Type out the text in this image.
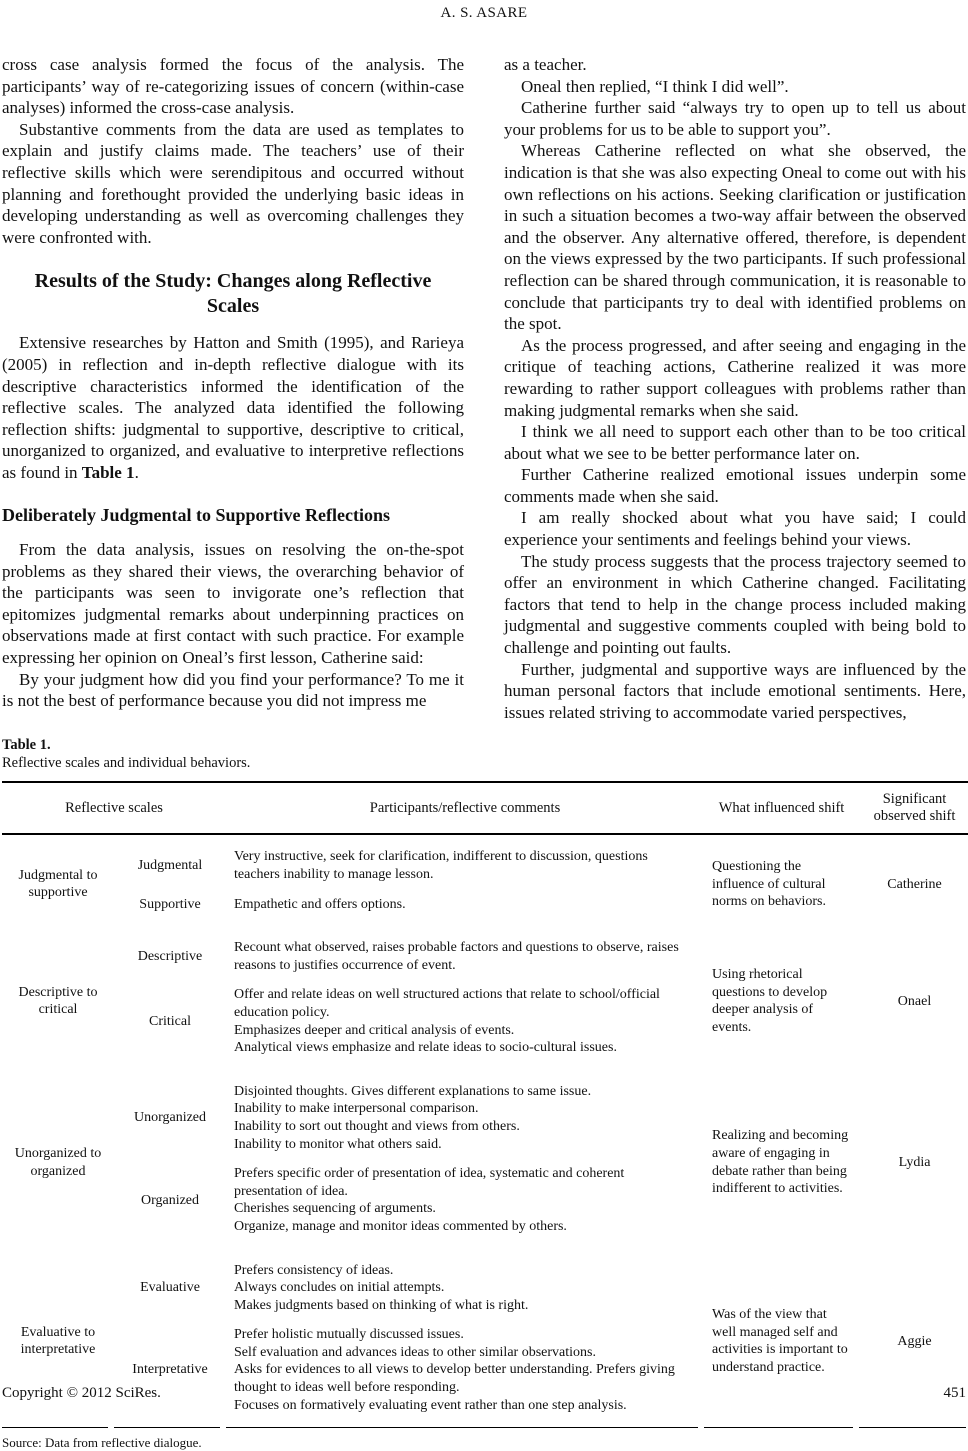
A. S. ASARE

cross case analysis formed the focus of the analysis. The participants’ way of re-categorizing issues of concern (within-case analyses) informed the cross-case analysis.

Substantive comments from the data are used as templates to explain and justify claims made. The teachers’ use of their reflective skills which were serendipitous and occurred without planning and forethought provided the underlying basic ideas in developing understanding as well as overcoming challenges they were confronted with.

Results of the Study: Changes along Reflective Scales

Extensive researches by Hatton and Smith (1995), and Rarieya (2005) in reflection and in-depth reflective dialogue with its descriptive characteristics informed the identification of the reflective scales. The analyzed data identified the following reflection shifts: judgmental to supportive, descriptive to critical, unorganized to organized, and evaluative to interpretive reflections as found in Table 1.

Deliberately Judgmental to Supportive Reflections

From the data analysis, issues on resolving the on-the-spot problems as they shared their views, the overarching behavior of the participants was seen to invigorate one’s reflection that epitomizes judgmental remarks about underpinning practices on observations made at first contact with such practice. For example expressing her opinion on Oneal’s first lesson, Catherine said:

By your judgment how did you find your performance? To me it is not the best of performance because you did not impress me

as a teacher.

Oneal then replied, “I think I did well”.

Catherine further said “always try to open up to tell us about your problems for us to be able to support you”.

Whereas Catherine reflected on what she observed, the indication is that she was also expecting Oneal to come out with his own reflections on his actions. Seeking clarification or justification in such a situation becomes a two-way affair between the observed and the observer. Any alternative offered, therefore, is dependent on the views expressed by the two participants. If such professional reflection can be shared through communication, it is reasonable to conclude that participants try to deal with identified problems on the spot.

As the process progressed, and after seeing and engaging in the critique of teaching actions, Catherine realized it was more rewarding to rather support colleagues with problems rather than making judgmental remarks when she said.

I think we all need to support each other than to be too critical about what we see to be better performance later on.

Further Catherine realized emotional issues underpin some comments made when she said.

I am really shocked about what you have said; I could experience your sentiments and feelings behind your views.

The study process suggests that the process trajectory seemed to offer an environment in which Catherine changed. Facilitating factors that tend to help in the change process included making judgmental and suggestive comments coupled with being bold to challenge and pointing out faults.

Further, judgmental and supportive ways are influenced by the human personal factors that include emotional sentiments. Here, issues related striving to accommodate varied perspectives,

Table 1.
Reflective scales and individual behaviors.
Reflective scales		Participants/reflective comments	What influenced shift	Significant observed shift
Judgmental to supportive	Judgmental	Very instructive, seek for clarification, indifferent to discussion, questions teachers inability to manage lesson.	Questioning the influence of cultural norms on behaviors.	Catherine
	Supportive	Empathetic and offers options.		

Descriptive to critical	Descriptive	Recount what observed, raises probable factors and questions to observe, raises reasons to justifies occurrence of event.	Using rhetorical questions to develop deeper analysis of events.	Onael
	Critical	Offer and relate ideas on well structured actions that relate to school/official education policy.
Emphasizes deeper and critical analysis of events.
Analytical views emphasize and relate ideas to socio-cultural issues.		

Unorganized to organized	Unorganized	Disjointed thoughts. Gives different explanations to same issue.
Inability to make interpersonal comparison.
Inability to sort out thought and views from others.
Inability to monitor what others said.	Realizing and becoming aware of engaging in debate rather than being indifferent to activities.	Lydia
	Organized	Prefers specific order of presentation of idea, systematic and coherent presentation of idea.
Cherishes sequencing of arguments.
Organize, manage and monitor ideas commented by others.		

Evaluative to interpretative	Evaluative	Prefers consistency of ideas.
Always concludes on initial attempts.
Makes judgments based on thinking of what is right.	Was of the view that well managed self and activities is important to understand practice.	Aggie
	Interpretative	Prefer holistic mutually discussed issues.
Self evaluation and advances ideas to other similar observations.
Asks for evidences to all views to develop better understanding. Prefers giving thought to ideas well before responding.
Focuses on formatively evaluating event rather than one step analysis.		
Source: Data from reflective dialogue.
Copyright © 2012 SciRes.	451
